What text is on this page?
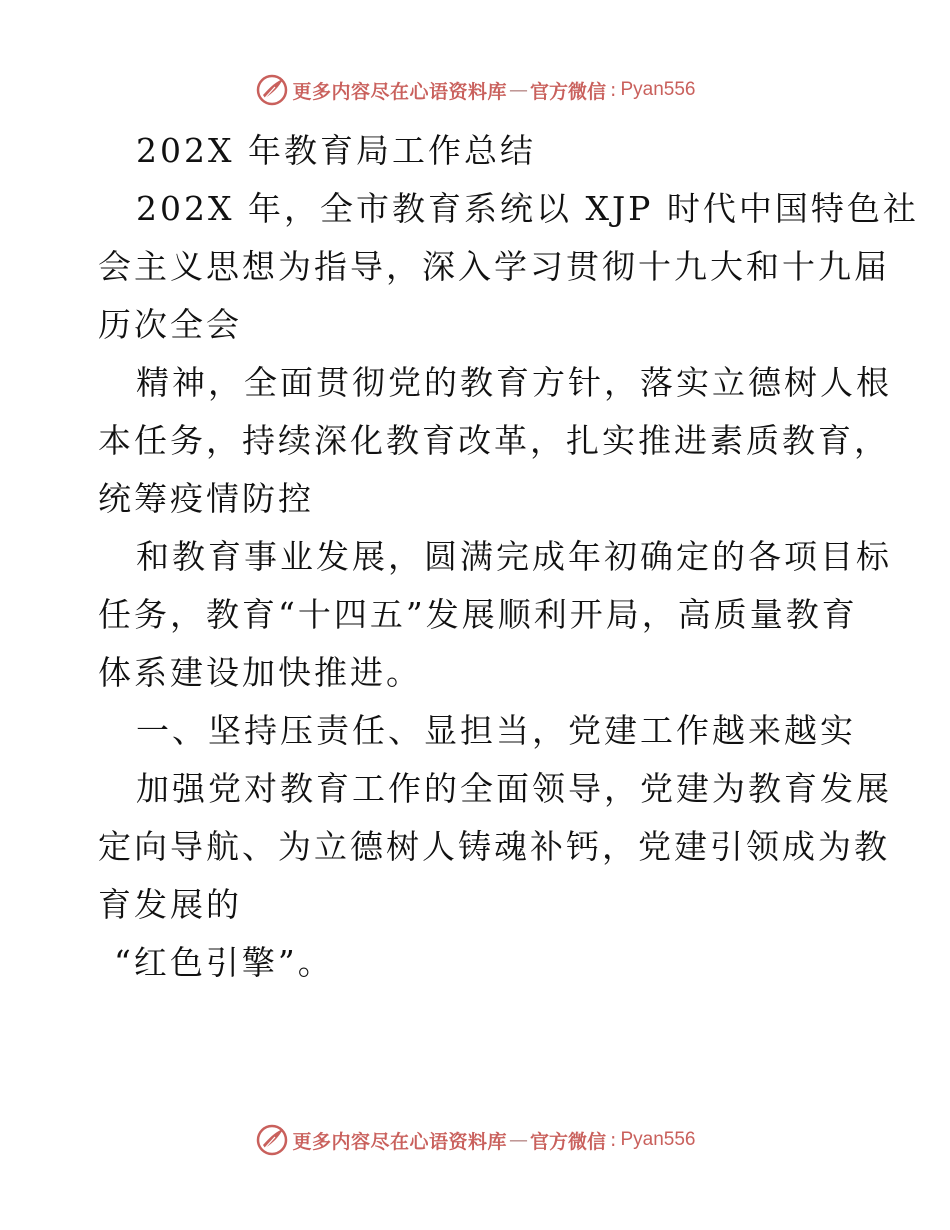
更多内容尽在心语资料库 — 官方微信 : Pyan556
202X 年教育局工作总结
202X 年，全市教育系统以 XJP 时代中国特色社
会主义思想为指导，深入学习贯彻十九大和十九届
历次全会
精神，全面贯彻党的教育方针，落实立德树人根
本任务，持续深化教育改革，扎实推进素质教育，
统筹疫情防控
和教育事业发展，圆满完成年初确定的各项目标
任务，教育“十四五”发展顺利开局，高质量教育
体系建设加快推进。
一、坚持压责任、显担当，党建工作越来越实
加强党对教育工作的全面领导，党建为教育发展
定向导航、为立德树人铸魂补钙，党建引领成为教
育发展的
“红色引擎”。
更多内容尽在心语资料库 — 官方微信 : Pyan556
